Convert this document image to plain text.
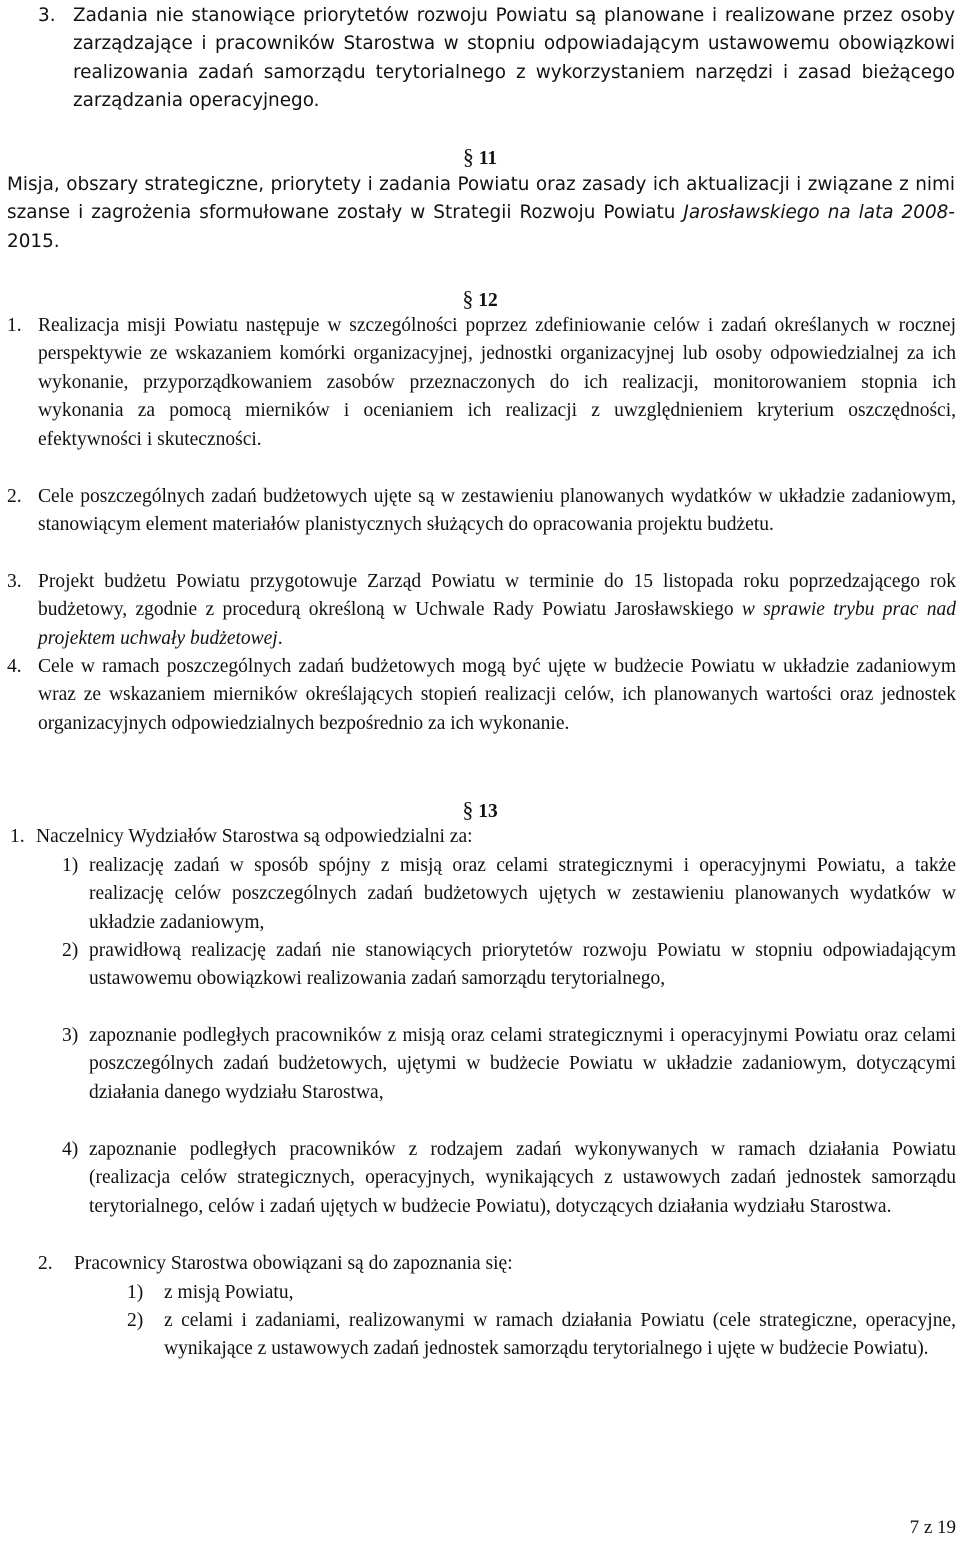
3. Zadania nie stanowiące priorytetów rozwoju Powiatu są planowane i realizowane przez osoby zarządzające i pracowników Starostwa w stopniu odpowiadającym ustawowemu obowiązkowi realizowania zadań samorządu terytorialnego z wykorzystaniem narzędzi i zasad bieżącego zarządzania operacyjnego.
§ 11
Misja, obszary strategiczne, priorytety i zadania Powiatu oraz zasady ich aktualizacji i związane z nimi szanse i zagrożenia sformułowane zostały w Strategii Rozwoju Powiatu Jarosławskiego na lata 2008-2015.
§ 12
1. Realizacja misji Powiatu następuje w szczególności poprzez zdefiniowanie celów i zadań określanych w rocznej perspektywie ze wskazaniem komórki organizacyjnej, jednostki organizacyjnej lub osoby odpowiedzialnej za ich wykonanie, przyporządkowaniem zasobów przeznaczonych do ich realizacji, monitorowaniem stopnia ich wykonania za pomocą mierników i ocenianiem ich realizacji z uwzględnieniem kryterium oszczędności, efektywności i skuteczności.
2. Cele poszczególnych zadań budżetowych ujęte są w zestawieniu planowanych wydatków w układzie zadaniowym, stanowiącym element materiałów planistycznych służących do opracowania projektu budżetu.
3. Projekt budżetu Powiatu przygotowuje Zarząd Powiatu w terminie do 15 listopada roku poprzedzającego rok budżetowy, zgodnie z procedurą określoną w Uchwale Rady Powiatu Jarosławskiego w sprawie trybu prac nad projektem uchwały budżetowej.
4. Cele w ramach poszczególnych zadań budżetowych mogą być ujęte w budżecie Powiatu w układzie zadaniowym wraz ze wskazaniem mierników określających stopień realizacji celów, ich planowanych wartości oraz jednostek organizacyjnych odpowiedzialnych bezpośrednio za ich wykonanie.
§ 13
1. Naczelnicy Wydziałów Starostwa są odpowiedzialni za:
1) realizację zadań w sposób spójny z misją oraz celami strategicznymi i operacyjnymi Powiatu, a także realizację celów poszczególnych zadań budżetowych ujętych w zestawieniu planowanych wydatków w układzie zadaniowym,
2) prawidłową realizację zadań nie stanowiących priorytetów rozwoju Powiatu w stopniu odpowiadającym ustawowemu obowiązkowi realizowania zadań samorządu terytorialnego,
3) zapoznanie podległych pracowników z misją oraz celami strategicznymi i operacyjnymi Powiatu oraz celami poszczególnych zadań budżetowych, ujętymi w budżecie Powiatu w układzie zadaniowym, dotyczącymi działania danego wydziału Starostwa,
4) zapoznanie podległych pracowników z rodzajem zadań wykonywanych w ramach działania Powiatu (realizacja celów strategicznych, operacyjnych, wynikających z ustawowych zadań jednostek samorządu terytorialnego, celów i zadań ujętych w budżecie Powiatu), dotyczących działania wydziału Starostwa.
2. Pracownicy Starostwa obowiązani są do zapoznania się:
1) z misją Powiatu,
2) z celami i zadaniami, realizowanymi w ramach działania Powiatu (cele strategiczne, operacyjne, wynikające z ustawowych zadań jednostek samorządu terytorialnego i ujęte w budżecie Powiatu).
7 z 19
